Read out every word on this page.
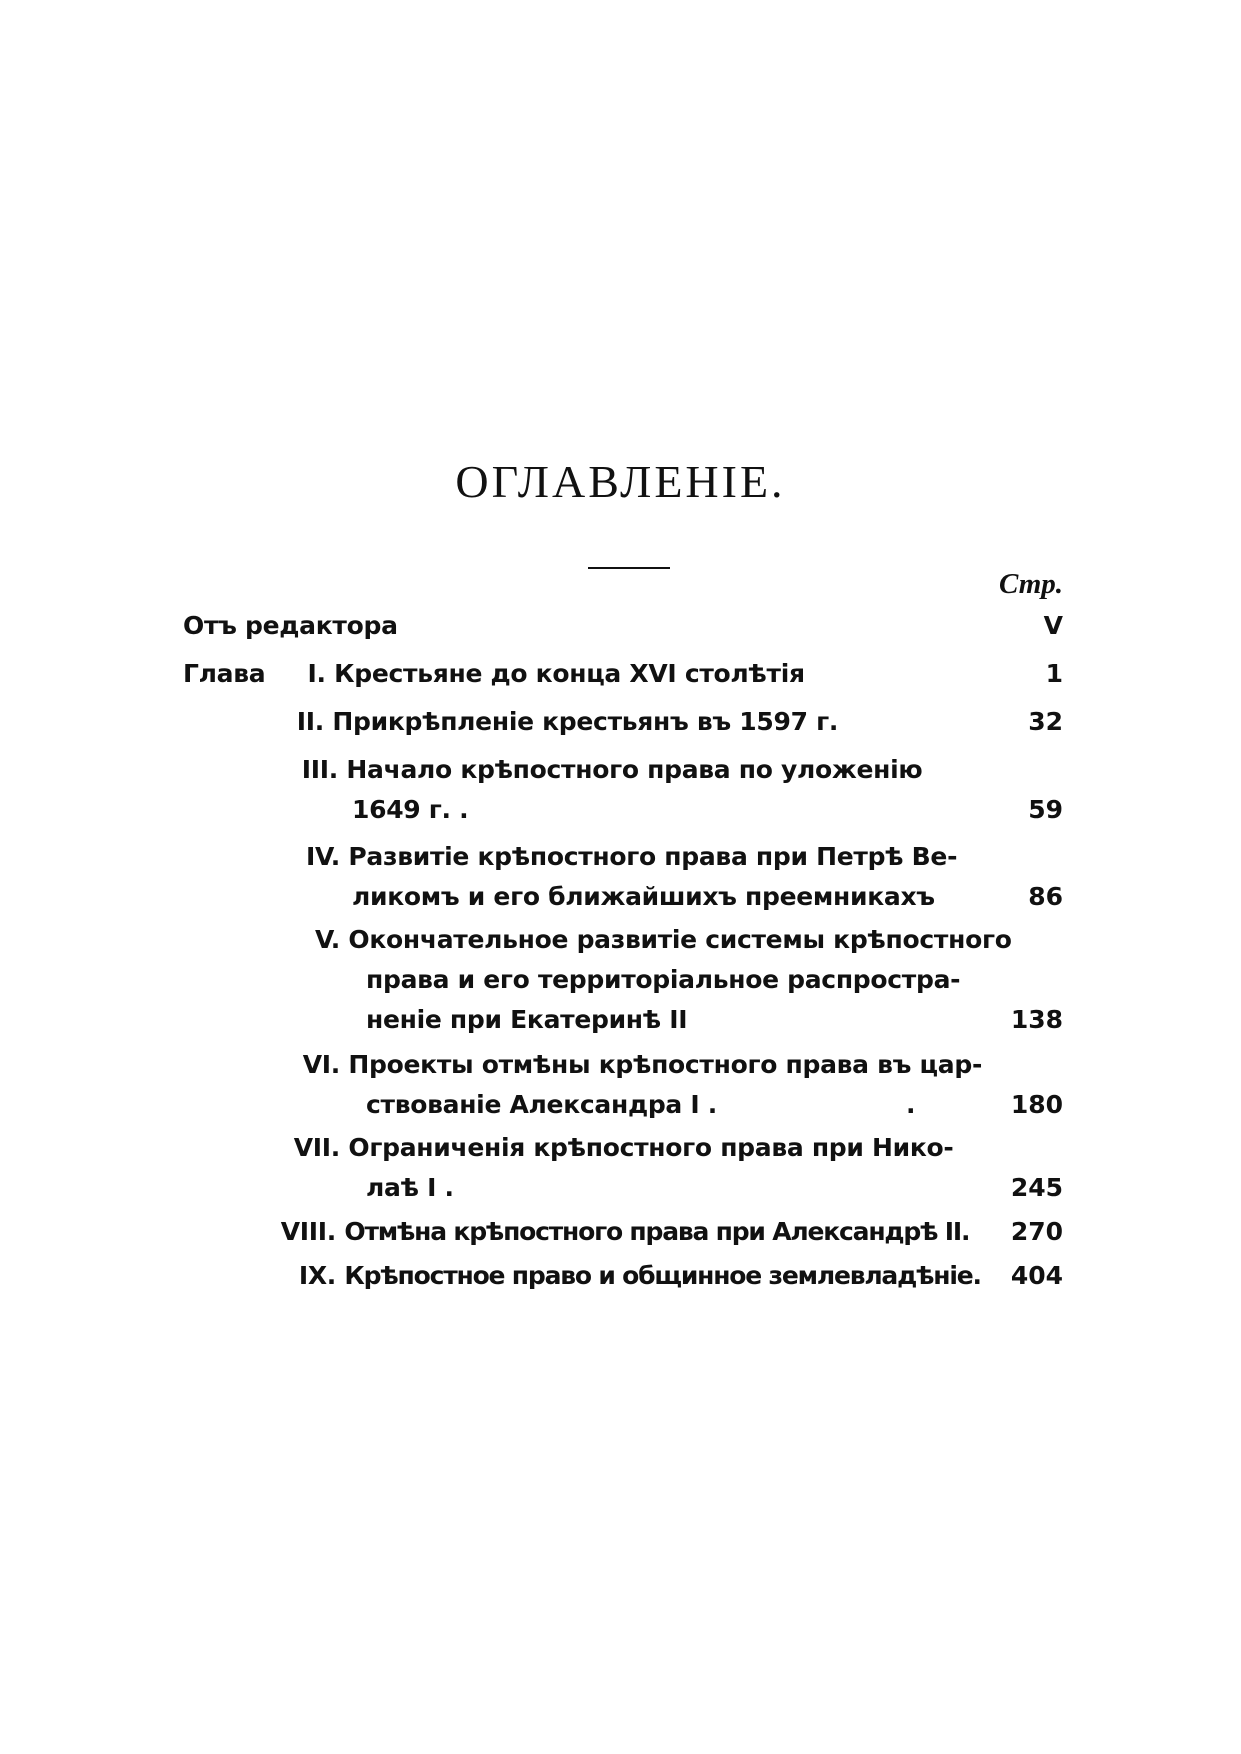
ОГЛАВЛЕНІЕ.
Стр.
Отъ редактора	V
Глава I. Крестьяне до конца XVI столѣтія	1
II. Прикрѣпленіе крестьянъ въ 1597 г.	32
III. Начало крѣпостного права по уложенію
1649 г. .	59
IV. Развитіе крѣпостного права при Петрѣ Ве-
ликомъ и его ближайшихъ преемникахъ	86
V. Окончательное развитіе системы крѣпостного
права и его территоріальное распростра-
неніе при Екатеринѣ II	138
VI. Проекты отмѣны крѣпостного права въ цар-
ствованіе Александра I .	.	180
VII. Ограниченія крѣпостного права при Нико-
лаѣ I .	245
VIII. Отмѣна крѣпостного права при Александрѣ II. 270
IX. Крѣпостное право и общинное землевладѣніе. 404
